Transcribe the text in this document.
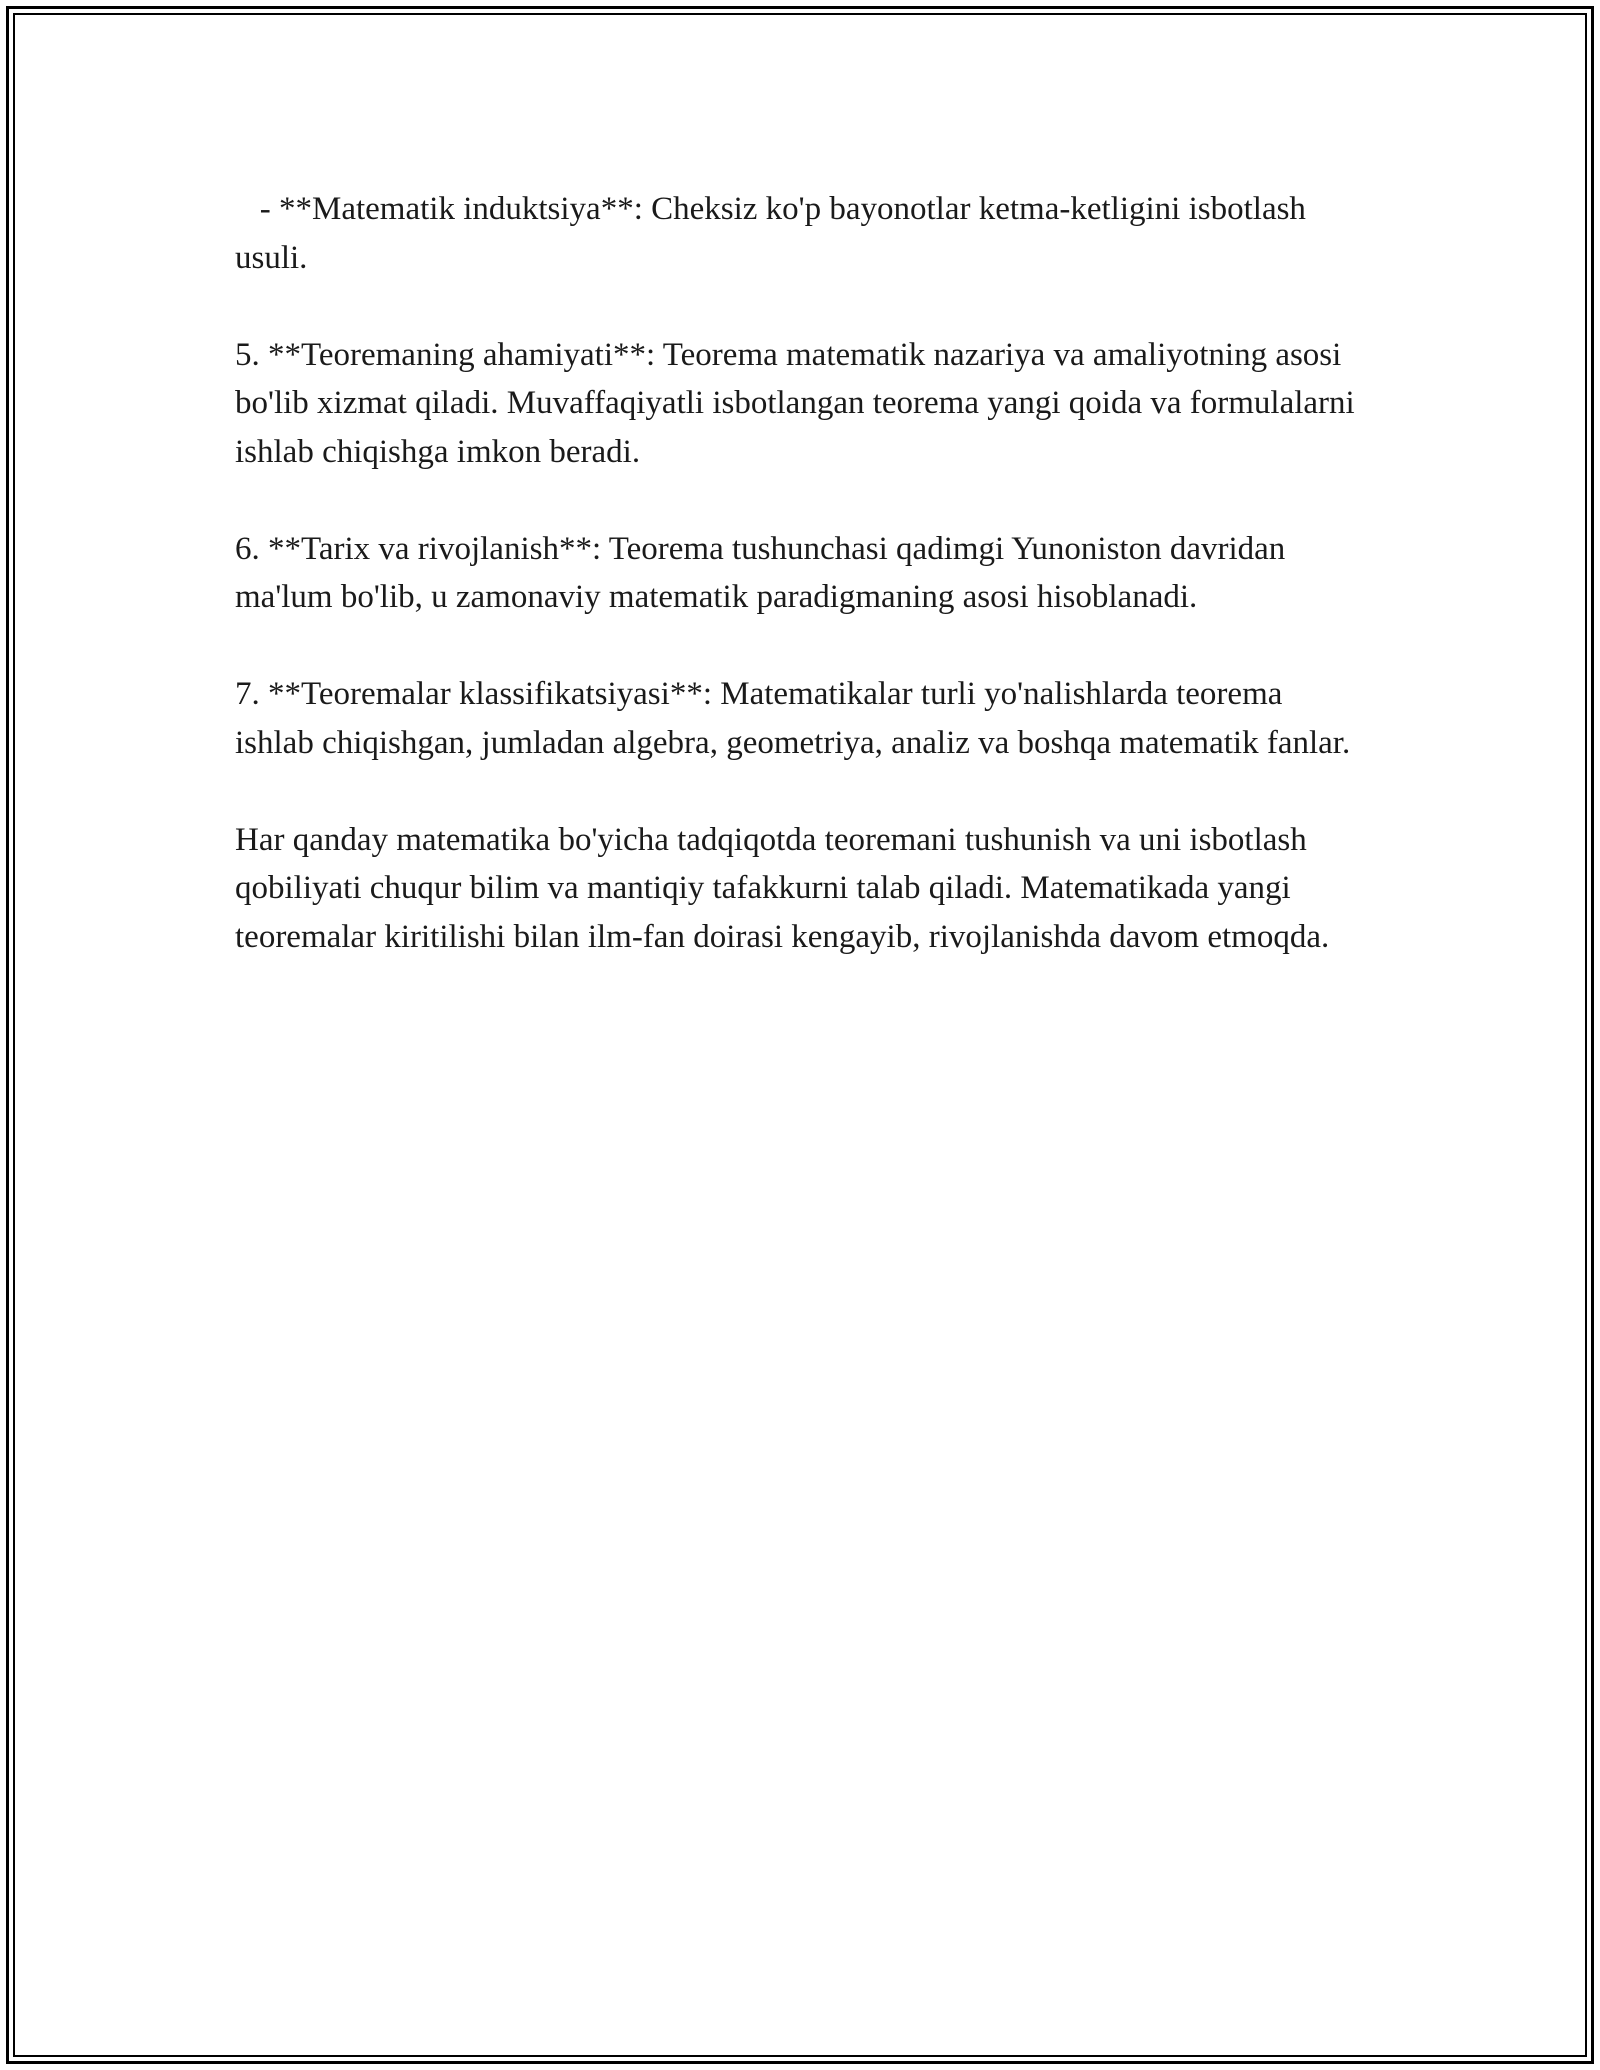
- **Matematik induktsiya**: Cheksiz ko'p bayonotlar ketma-ketligini isbotlash usuli.

5. **Teoremaning ahamiyati**: Teorema matematik nazariya va amaliyotning asosi bo'lib xizmat qiladi. Muvaffaqiyatli isbotlangan teorema yangi qoida va formulalarni ishlab chiqishga imkon beradi.

6. **Tarix va rivojlanish**: Teorema tushunchasi qadimgi Yunoniston davridan ma'lum bo'lib, u zamonaviy matematik paradigmaning asosi hisoblanadi.

7. **Teoremalar klassifikatsiyasi**: Matematikalar turli yo'nalishlarda teorema ishlab chiqishgan, jumladan algebra, geometriya, analiz va boshqa matematik fanlar.

Har qanday matematika bo'yicha tadqiqotda teoremani tushunish va uni isbotlash qobiliyati chuqur bilim va mantiqiy tafakkurni talab qiladi. Matematikada yangi teoremalar kiritilishi bilan ilm-fan doirasi kengayib, rivojlanishda davom etmoqda.
